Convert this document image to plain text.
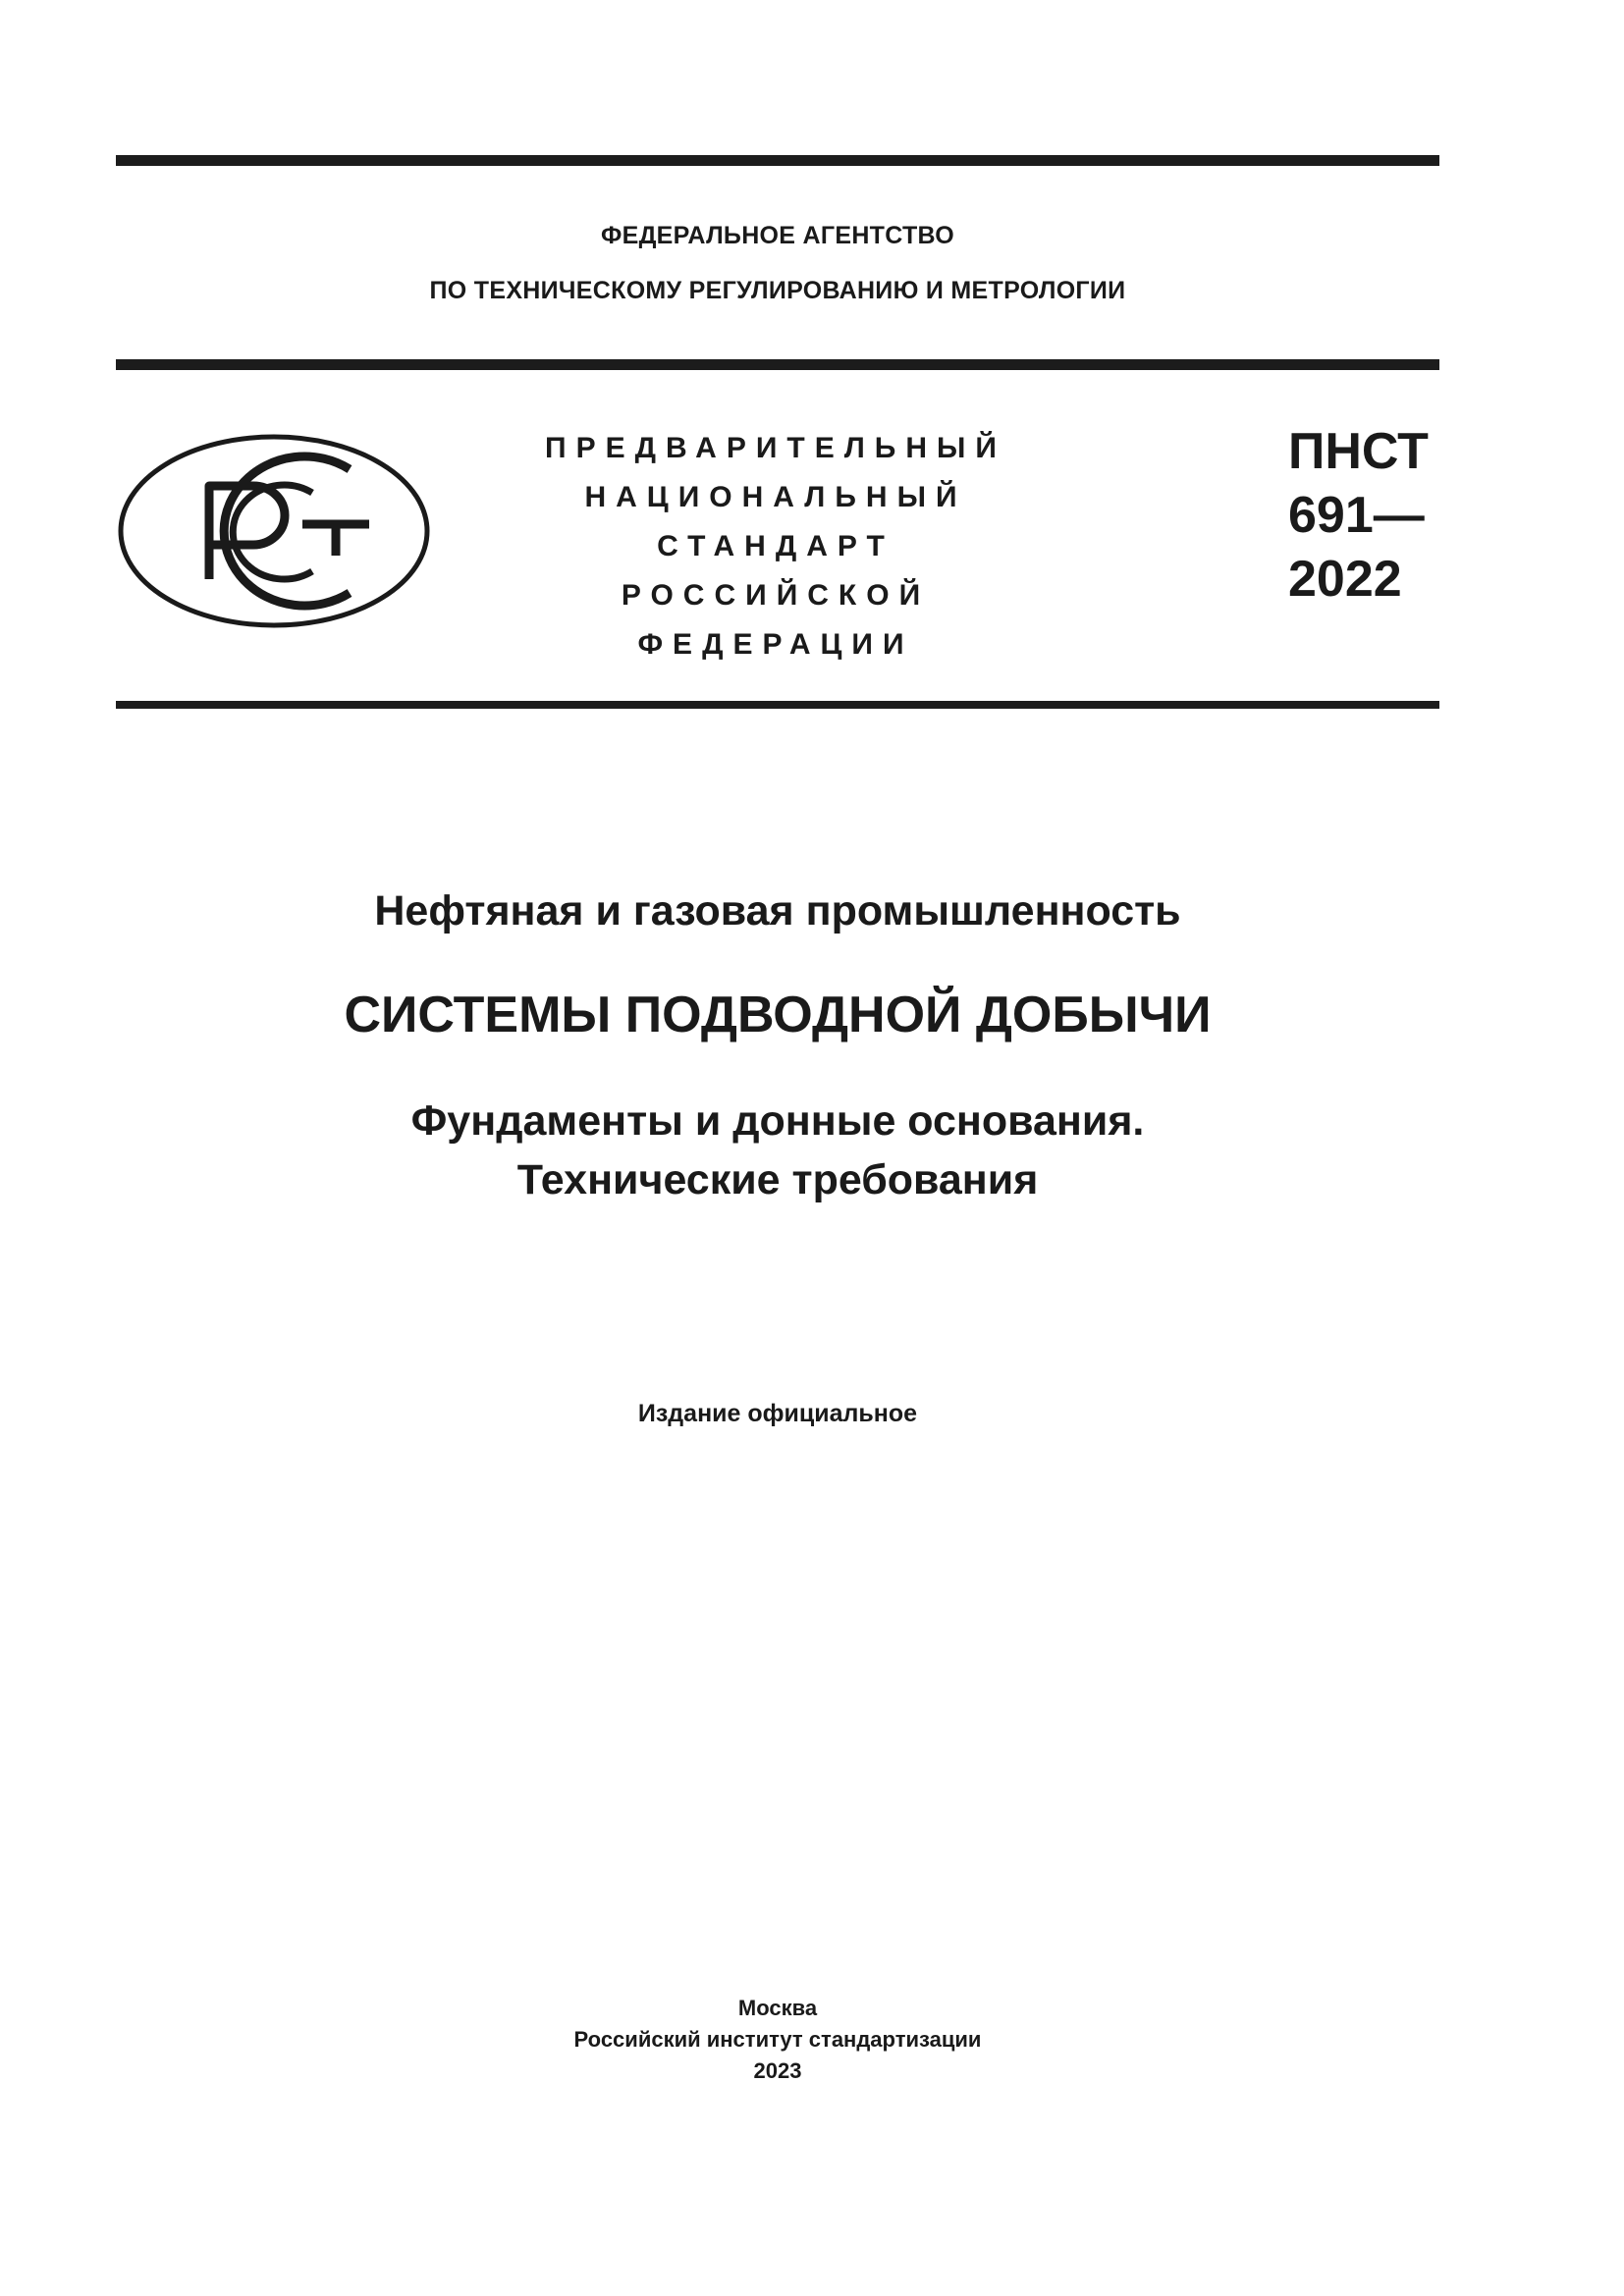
ФЕДЕРАЛЬНОЕ АГЕНТСТВО
ПО ТЕХНИЧЕСКОМУ РЕГУЛИРОВАНИЮ И МЕТРОЛОГИИ
ПРЕДВАРИТЕЛЬНЫЙ
НАЦИОНАЛЬНЫЙ
СТАНДАРТ
РОССИЙСКОЙ
ФЕДЕРАЦИИ
ПНСТ
691—
2022
Нефтяная и газовая промышленность
СИСТЕМЫ ПОДВОДНОЙ ДОБЫЧИ
Фундаменты и донные основания.
Технические требования
Издание официальное
Москва
Российский институт стандартизации
2023
